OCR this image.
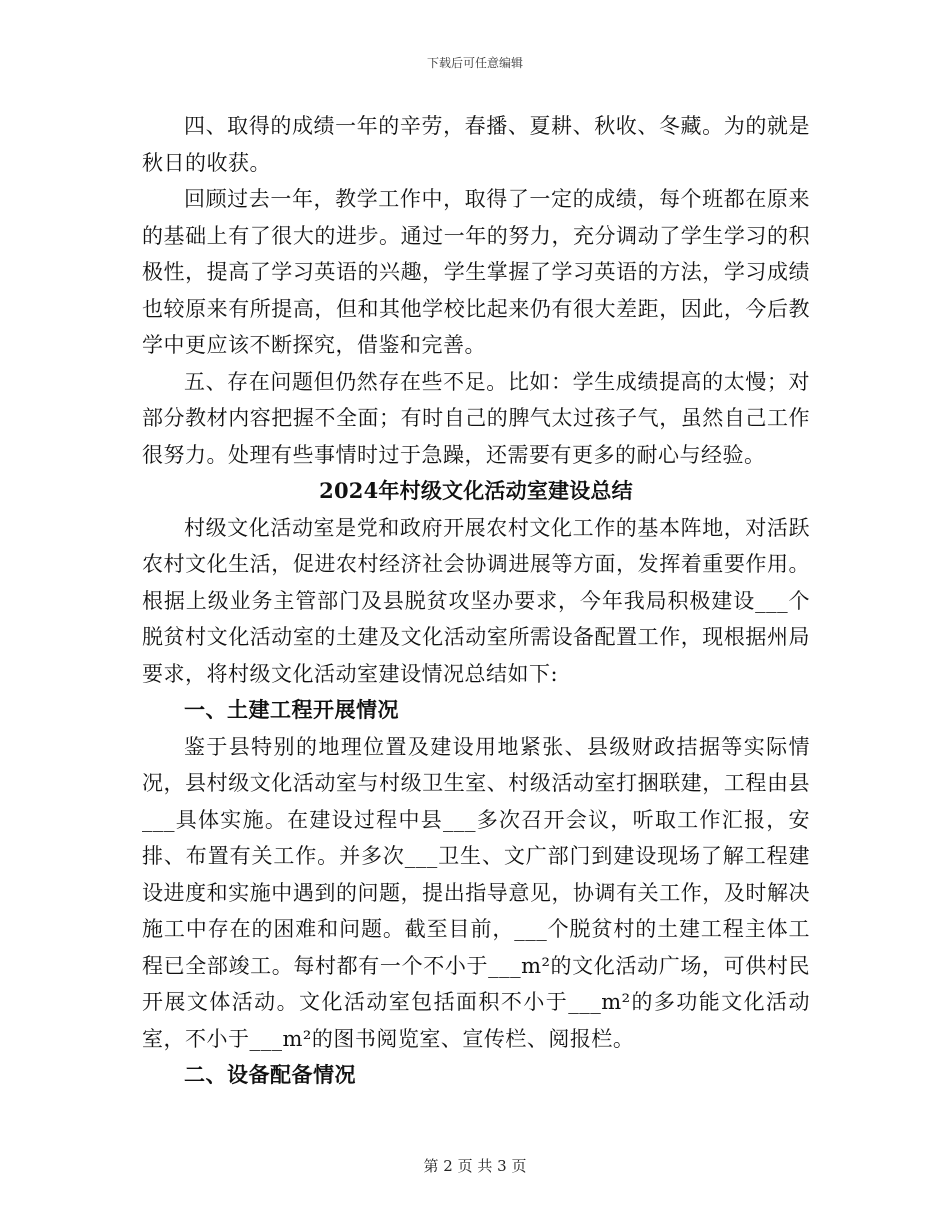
下载后可任意编辑

四、取得的成绩一年的辛劳，春播、夏耕、秋收、冬藏。为的就是秋日的收获。

回顾过去一年，教学工作中，取得了一定的成绩，每个班都在原来的基础上有了很大的进步。通过一年的努力，充分调动了学生学习的积极性，提高了学习英语的兴趣，学生掌握了学习英语的方法，学习成绩也较原来有所提高，但和其他学校比起来仍有很大差距，因此，今后教学中更应该不断探究，借鉴和完善。

五、存在问题但仍然存在些不足。比如：学生成绩提高的太慢；对部分教材内容把握不全面；有时自己的脾气太过孩子气，虽然自己工作很努力。处理有些事情时过于急躁，还需要有更多的耐心与经验。

2024年村级文化活动室建设总结

村级文化活动室是党和政府开展农村文化工作的基本阵地，对活跃农村文化生活，促进农村经济社会协调进展等方面，发挥着重要作用。根据上级业务主管部门及县脱贫攻坚办要求，今年我局积极建设___个脱贫村文化活动室的土建及文化活动室所需设备配置工作，现根据州局要求，将村级文化活动室建设情况总结如下:

一、土建工程开展情况

鉴于县特别的地理位置及建设用地紧张、县级财政拮据等实际情况，县村级文化活动室与村级卫生室、村级活动室打捆联建，工程由县___具体实施。在建设过程中县___多次召开会议，听取工作汇报，安排、布置有关工作。并多次___卫生、文广部门到建设现场了解工程建设进度和实施中遇到的问题，提出指导意见，协调有关工作，及时解决施工中存在的困难和问题。截至目前，___个脱贫村的土建工程主体工程已全部竣工。每村都有一个不小于___m²的文化活动广场，可供村民开展文体活动。文化活动室包括面积不小于___m²的多功能文化活动室，不小于___m²的图书阅览室、宣传栏、阅报栏。

二、设备配备情况

第 2 页 共 3 页
